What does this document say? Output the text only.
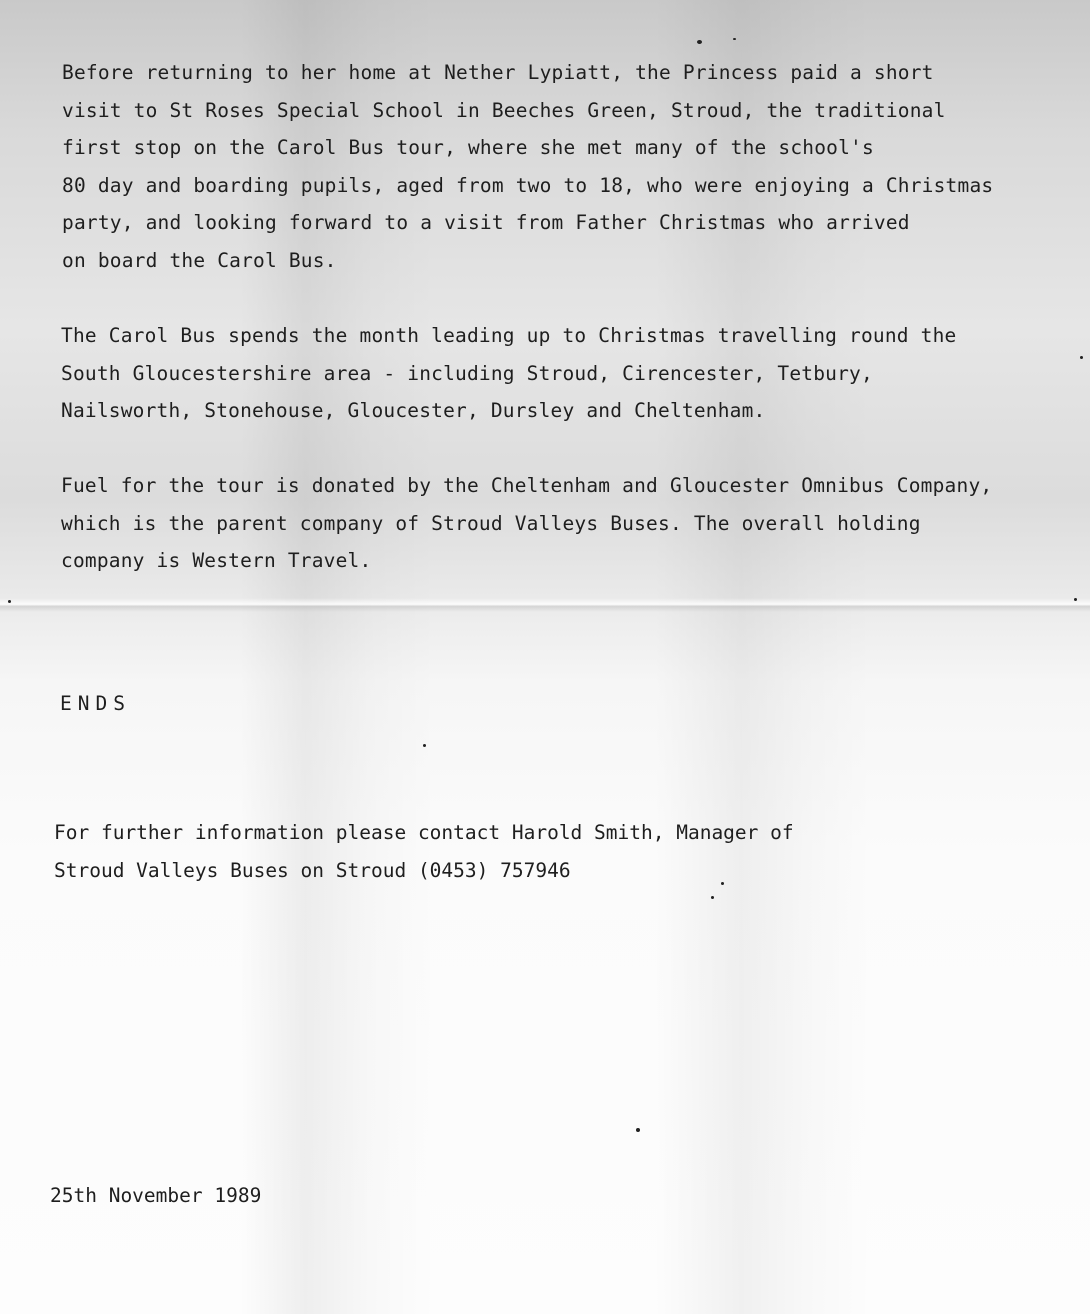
Before returning to her home at Nether Lypiatt, the Princess paid a short
visit to St Roses Special School in Beeches Green, Stroud, the traditional
first stop on the Carol Bus tour, where she met many of the school's
80 day and boarding pupils, aged from two to 18, who were enjoying a Christmas
party, and looking forward to a visit from Father Christmas who arrived
on board the Carol Bus.

The Carol Bus spends the month leading up to Christmas travelling round the
South Gloucestershire area - including Stroud, Cirencester, Tetbury,
Nailsworth, Stonehouse, Gloucester, Dursley and Cheltenham.

Fuel for the tour is donated by the Cheltenham and Gloucester Omnibus Company,
which is the parent company of Stroud Valleys Buses. The overall holding
company is Western Travel.

ENDS

For further information please contact Harold Smith, Manager of
Stroud Valleys Buses on Stroud (0453) 757946

25th November 1989
